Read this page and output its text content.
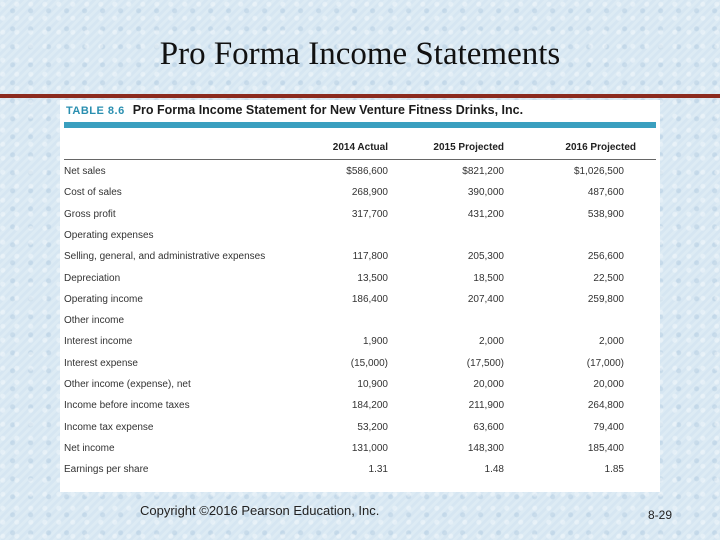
Pro Forma Income Statements
TABLE 8.6 Pro Forma Income Statement for New Venture Fitness Drinks, Inc.
2014 Actual	2015 Projected	2016 Projected
Net sales	$586,600	$821,200	$1,026,500
Cost of sales	268,900	390,000	487,600
Gross profit	317,700	431,200	538,900
Operating expenses
Selling, general, and administrative expenses	117,800	205,300	256,600
Depreciation	13,500	18,500	22,500
Operating income	186,400	207,400	259,800
Other income
Interest income	1,900	2,000	2,000
Interest expense	(15,000)	(17,500)	(17,000)
Other income (expense), net	10,900	20,000	20,000
Income before income taxes	184,200	211,900	264,800
Income tax expense	53,200	63,600	79,400
Net income	131,000	148,300	185,400
Earnings per share	1.31	1.48	1.85
Copyright ©2016 Pearson Education, Inc.	8-29
